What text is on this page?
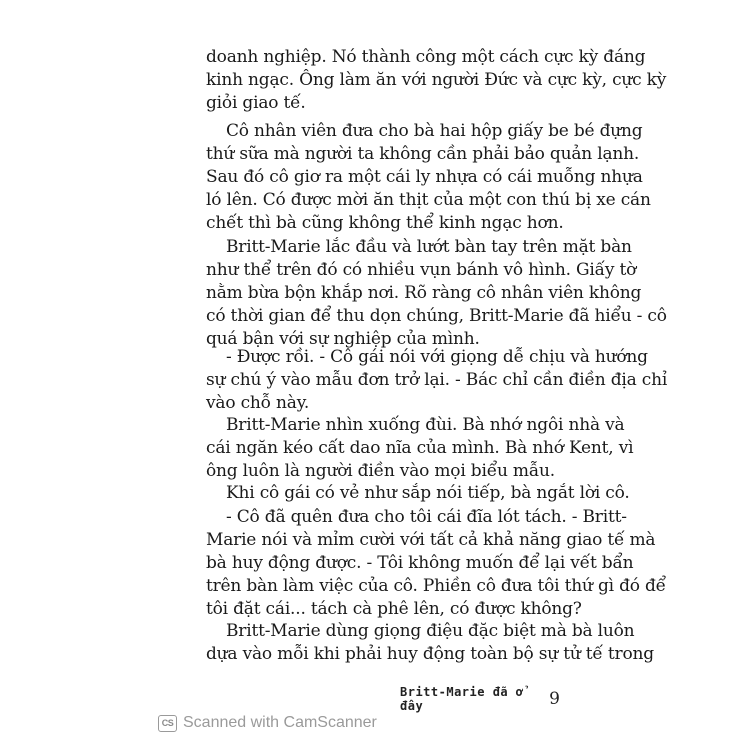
doanh nghiệp. Nó thành công một cách cực kỳ đáng
kinh ngạc. Ông làm ăn với người Đức và cực kỳ, cực kỳ
giỏi giao tế.
Cô nhân viên đưa cho bà hai hộp giấy be bé đựng
thứ sữa mà người ta không cần phải bảo quản lạnh.
Sau đó cô giơ ra một cái ly nhựa có cái muỗng nhựa
ló lên. Có được mời ăn thịt của một con thú bị xe cán
chết thì bà cũng không thể kinh ngạc hơn.
Britt-Marie lắc đầu và lướt bàn tay trên mặt bàn
như thể trên đó có nhiều vụn bánh vô hình. Giấy tờ
nằm bừa bộn khắp nơi. Rõ ràng cô nhân viên không
có thời gian để thu dọn chúng, Britt-Marie đã hiểu - cô
quá bận với sự nghiệp của mình.
- Được rồi. - Cô gái nói với giọng dễ chịu và hướng
sự chú ý vào mẫu đơn trở lại. - Bác chỉ cần điền địa chỉ
vào chỗ này.
Britt-Marie nhìn xuống đùi. Bà nhớ ngôi nhà và
cái ngăn kéo cất dao nĩa của mình. Bà nhớ Kent, vì
ông luôn là người điền vào mọi biểu mẫu.
Khi cô gái có vẻ như sắp nói tiếp, bà ngắt lời cô.
- Cô đã quên đưa cho tôi cái đĩa lót tách. - Britt-
Marie nói và mỉm cười với tất cả khả năng giao tế mà
bà huy động được. - Tôi không muốn để lại vết bẩn
trên bàn làm việc của cô. Phiền cô đưa tôi thứ gì đó để
tôi đặt cái... tách cà phê lên, có được không?
Britt-Marie dùng giọng điệu đặc biệt mà bà luôn
dựa vào mỗi khi phải huy động toàn bộ sự tử tế trong
Britt-Marie đã ở đây	9
CS Scanned with CamScanner
